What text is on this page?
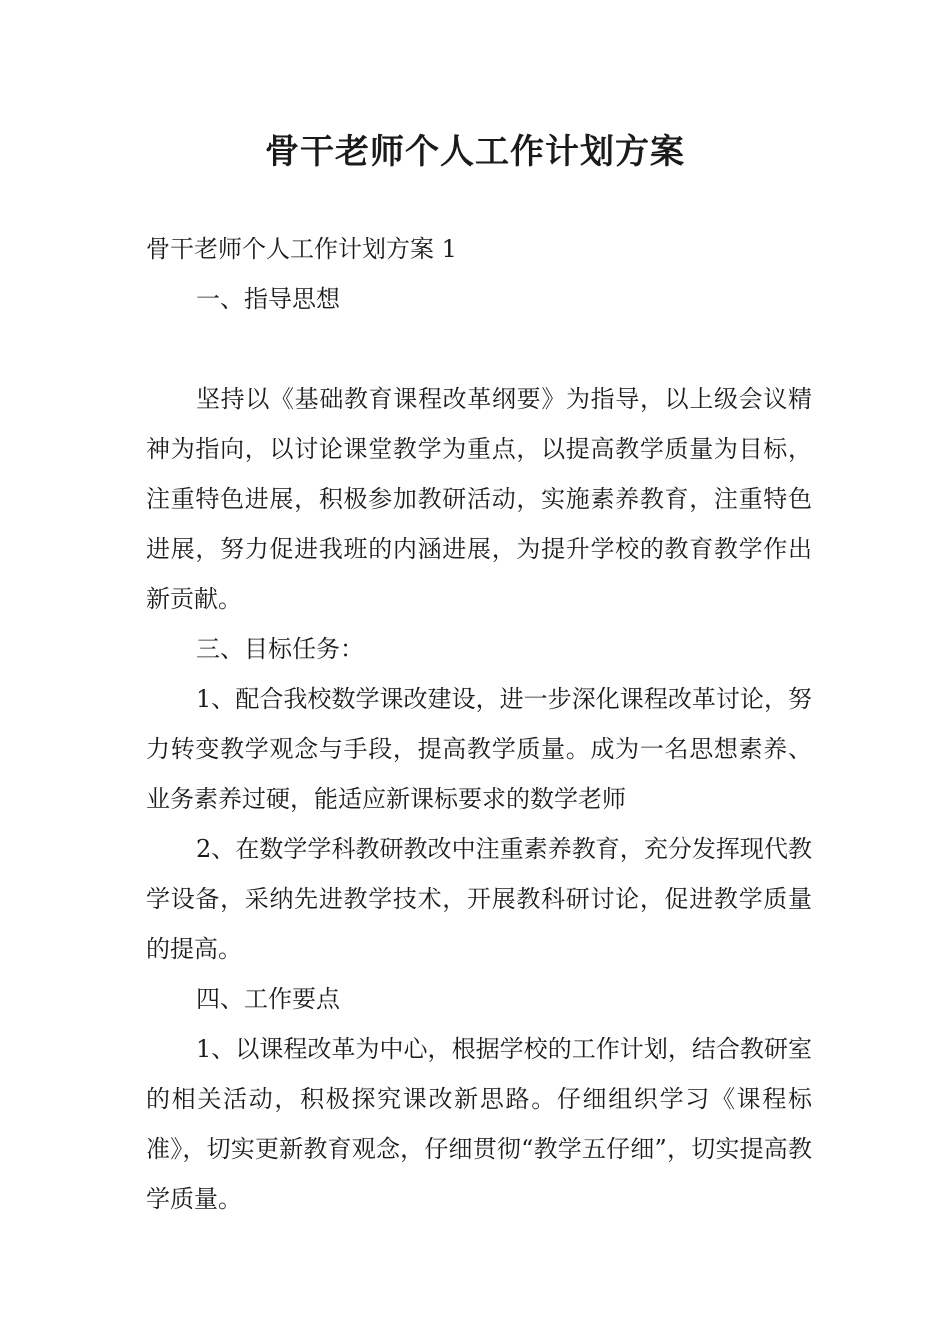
骨干老师个人工作计划方案

骨干老师个人工作计划方案 1

一、指导思想

坚持以《基础教育课程改革纲要》为指导，以上级会议精神为指向，以讨论课堂教学为重点，以提高教学质量为目标，注重特色进展，积极参加教研活动，实施素养教育，注重特色进展，努力促进我班的内涵进展，为提升学校的教育教学作出新贡献。

三、目标任务：

1、配合我校数学课改建设，进一步深化课程改革讨论，努力转变教学观念与手段，提高教学质量。成为一名思想素养、业务素养过硬，能适应新课标要求的数学老师

2、在数学学科教研教改中注重素养教育，充分发挥现代教学设备，采纳先进教学技术，开展教科研讨论，促进教学质量的提高。

四、工作要点

1、以课程改革为中心，根据学校的工作计划，结合教研室的相关活动，积极探究课改新思路。仔细组织学习《课程标准》，切实更新教育观念，仔细贯彻“教学五仔细”，切实提高教学质量。
